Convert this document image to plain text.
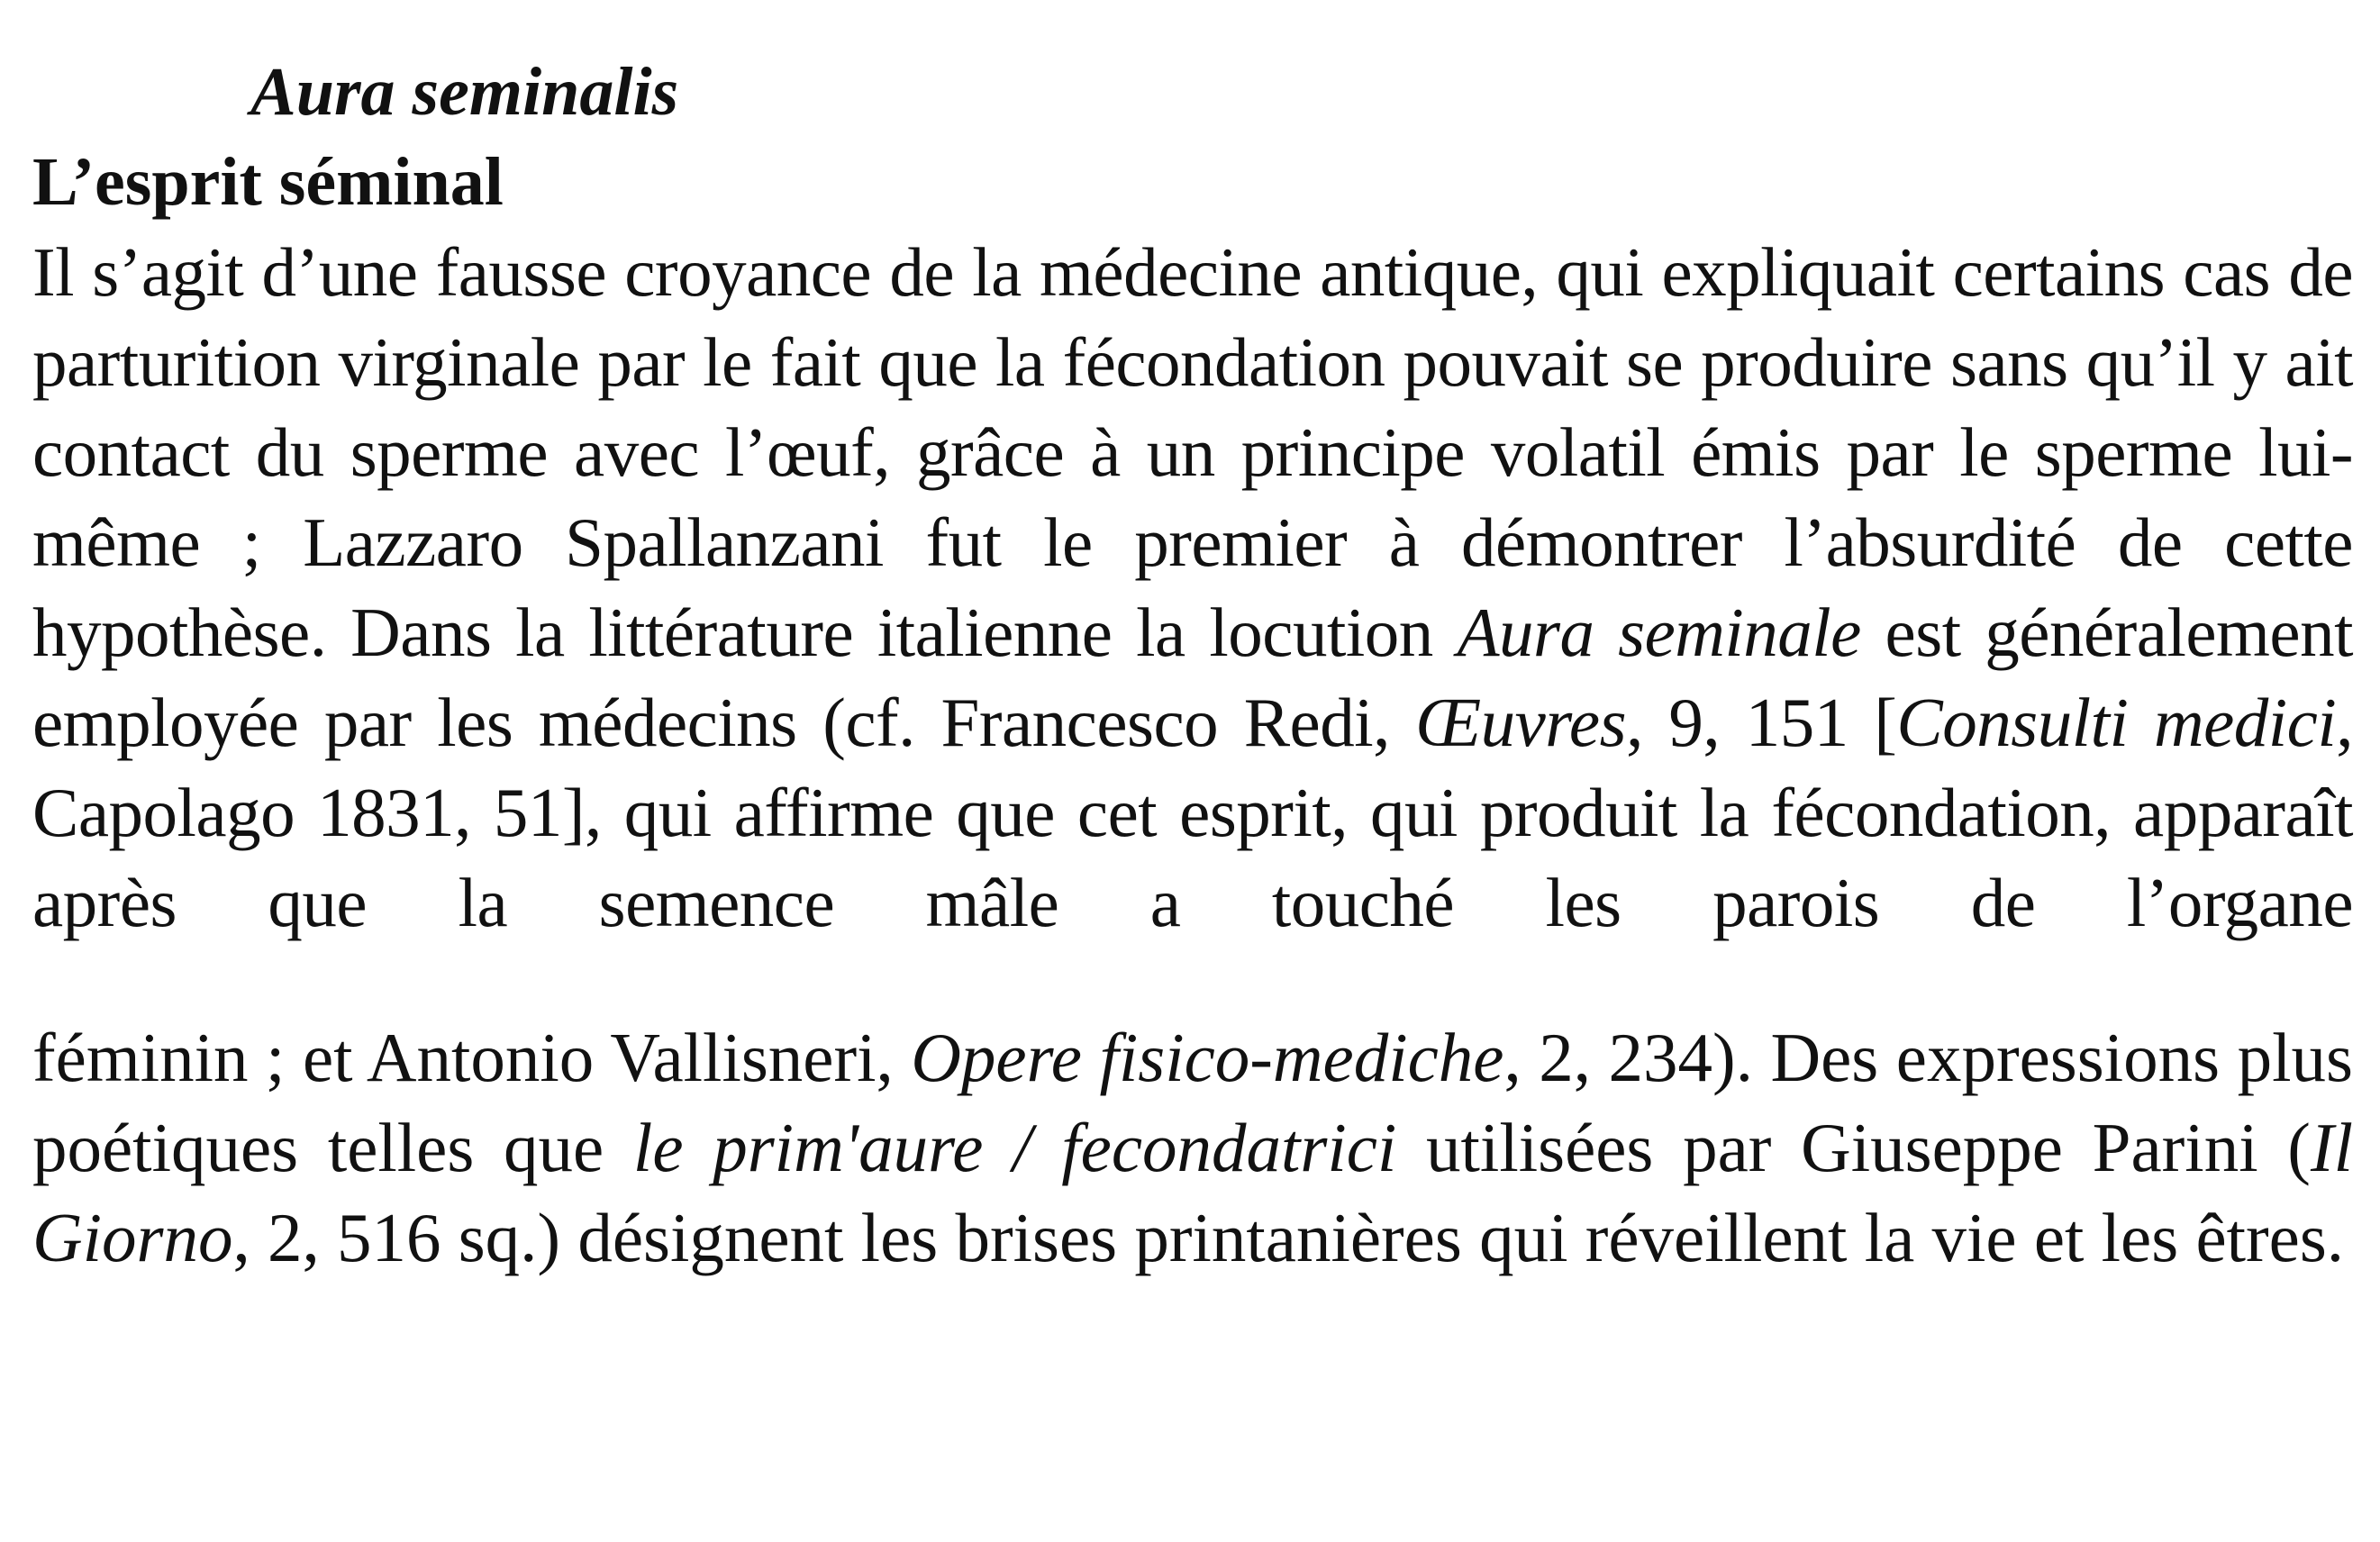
Aura seminalis
L’esprit séminal

Il s’agit d’une fausse croyance de la médecine antique, qui expliquait certains cas de parturition virginale par le fait que la fécondation pouvait se produire sans qu’il y ait contact du sperme avec l’œuf, grâce à un principe volatil émis par le sperme lui-même ; Lazzaro Spallanzani fut le premier à démontrer l’absurdité de cette hypothèse. Dans la littérature italienne la locution Aura seminale est généralement employée par les médecins (cf. Francesco Redi, Œuvres, 9, 151 [Consulti medici, Capolago 1831, 51], qui affirme que cet esprit, qui produit la fécondation, apparaît après que la semence mâle a touché les parois de l’organe

féminin ; et Antonio Vallisneri, Opere fisico-mediche, 2, 234). Des expressions plus poétiques telles que le prim'aure / fecondatrici utilisées par Giuseppe Parini (Il Giorno, 2, 516 sq.) désignent les brises printanières qui réveillent la vie et les êtres.
